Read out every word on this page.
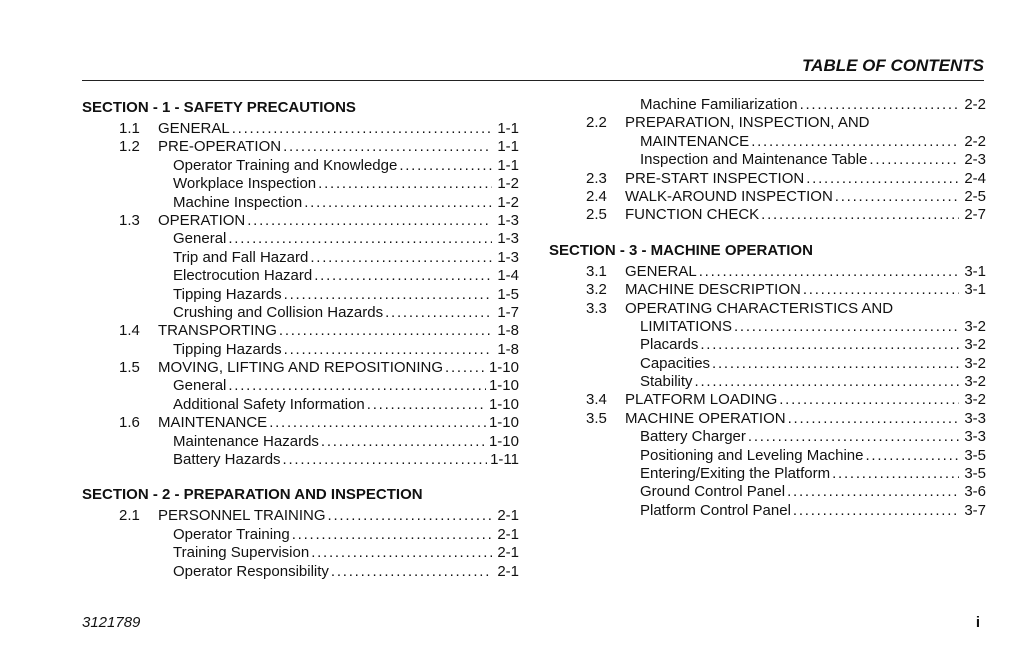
TABLE OF CONTENTS
SECTION - 1 - SAFETY PRECAUTIONS
1.1	GENERAL . . .	1-1
1.2	PRE-OPERATION . . .	1-1
Operator Training and Knowledge . . .	1-1
Workplace Inspection . . .	1-2
Machine Inspection . . .	1-2
1.3	OPERATION . . .	1-3
General . . .	1-3
Trip and Fall Hazard . . .	1-3
Electrocution Hazard . . .	1-4
Tipping Hazards . . .	1-5
Crushing and Collision Hazards . . .	1-7
1.4	TRANSPORTING . . .	1-8
Tipping Hazards . . .	1-8
1.5	MOVING, LIFTING AND REPOSITIONING . . .	1-10
General . . .	1-10
Additional Safety Information . . .	1-10
1.6	MAINTENANCE . . .	1-10
Maintenance Hazards . . .	1-10
Battery Hazards . . .	1-11
SECTION - 2 - PREPARATION AND INSPECTION
2.1	PERSONNEL TRAINING . . .	2-1
Operator Training . . .	2-1
Training Supervision . . .	2-1
Operator Responsibility . . .	2-1
Machine Familiarization . . .	2-2
2.2	PREPARATION, INSPECTION, AND
MAINTENANCE . . .	2-2
Inspection and Maintenance Table . . .	2-3
2.3	PRE-START INSPECTION . . .	2-4
2.4	WALK-AROUND INSPECTION . . .	2-5
2.5	FUNCTION CHECK . . .	2-7
SECTION - 3 - MACHINE OPERATION
3.1	GENERAL . . .	3-1
3.2	MACHINE DESCRIPTION . . .	3-1
3.3	OPERATING CHARACTERISTICS AND
LIMITATIONS . . .	3-2
Placards . . .	3-2
Capacities . . .	3-2
Stability . . .	3-2
3.4	PLATFORM LOADING . . .	3-2
3.5	MACHINE OPERATION . . .	3-3
Battery Charger . . .	3-3
Positioning and Leveling Machine . . .	3-5
Entering/Exiting the Platform . . .	3-5
Ground Control Panel . . .	3-6
Platform Control Panel . . .	3-7
3121789	i
